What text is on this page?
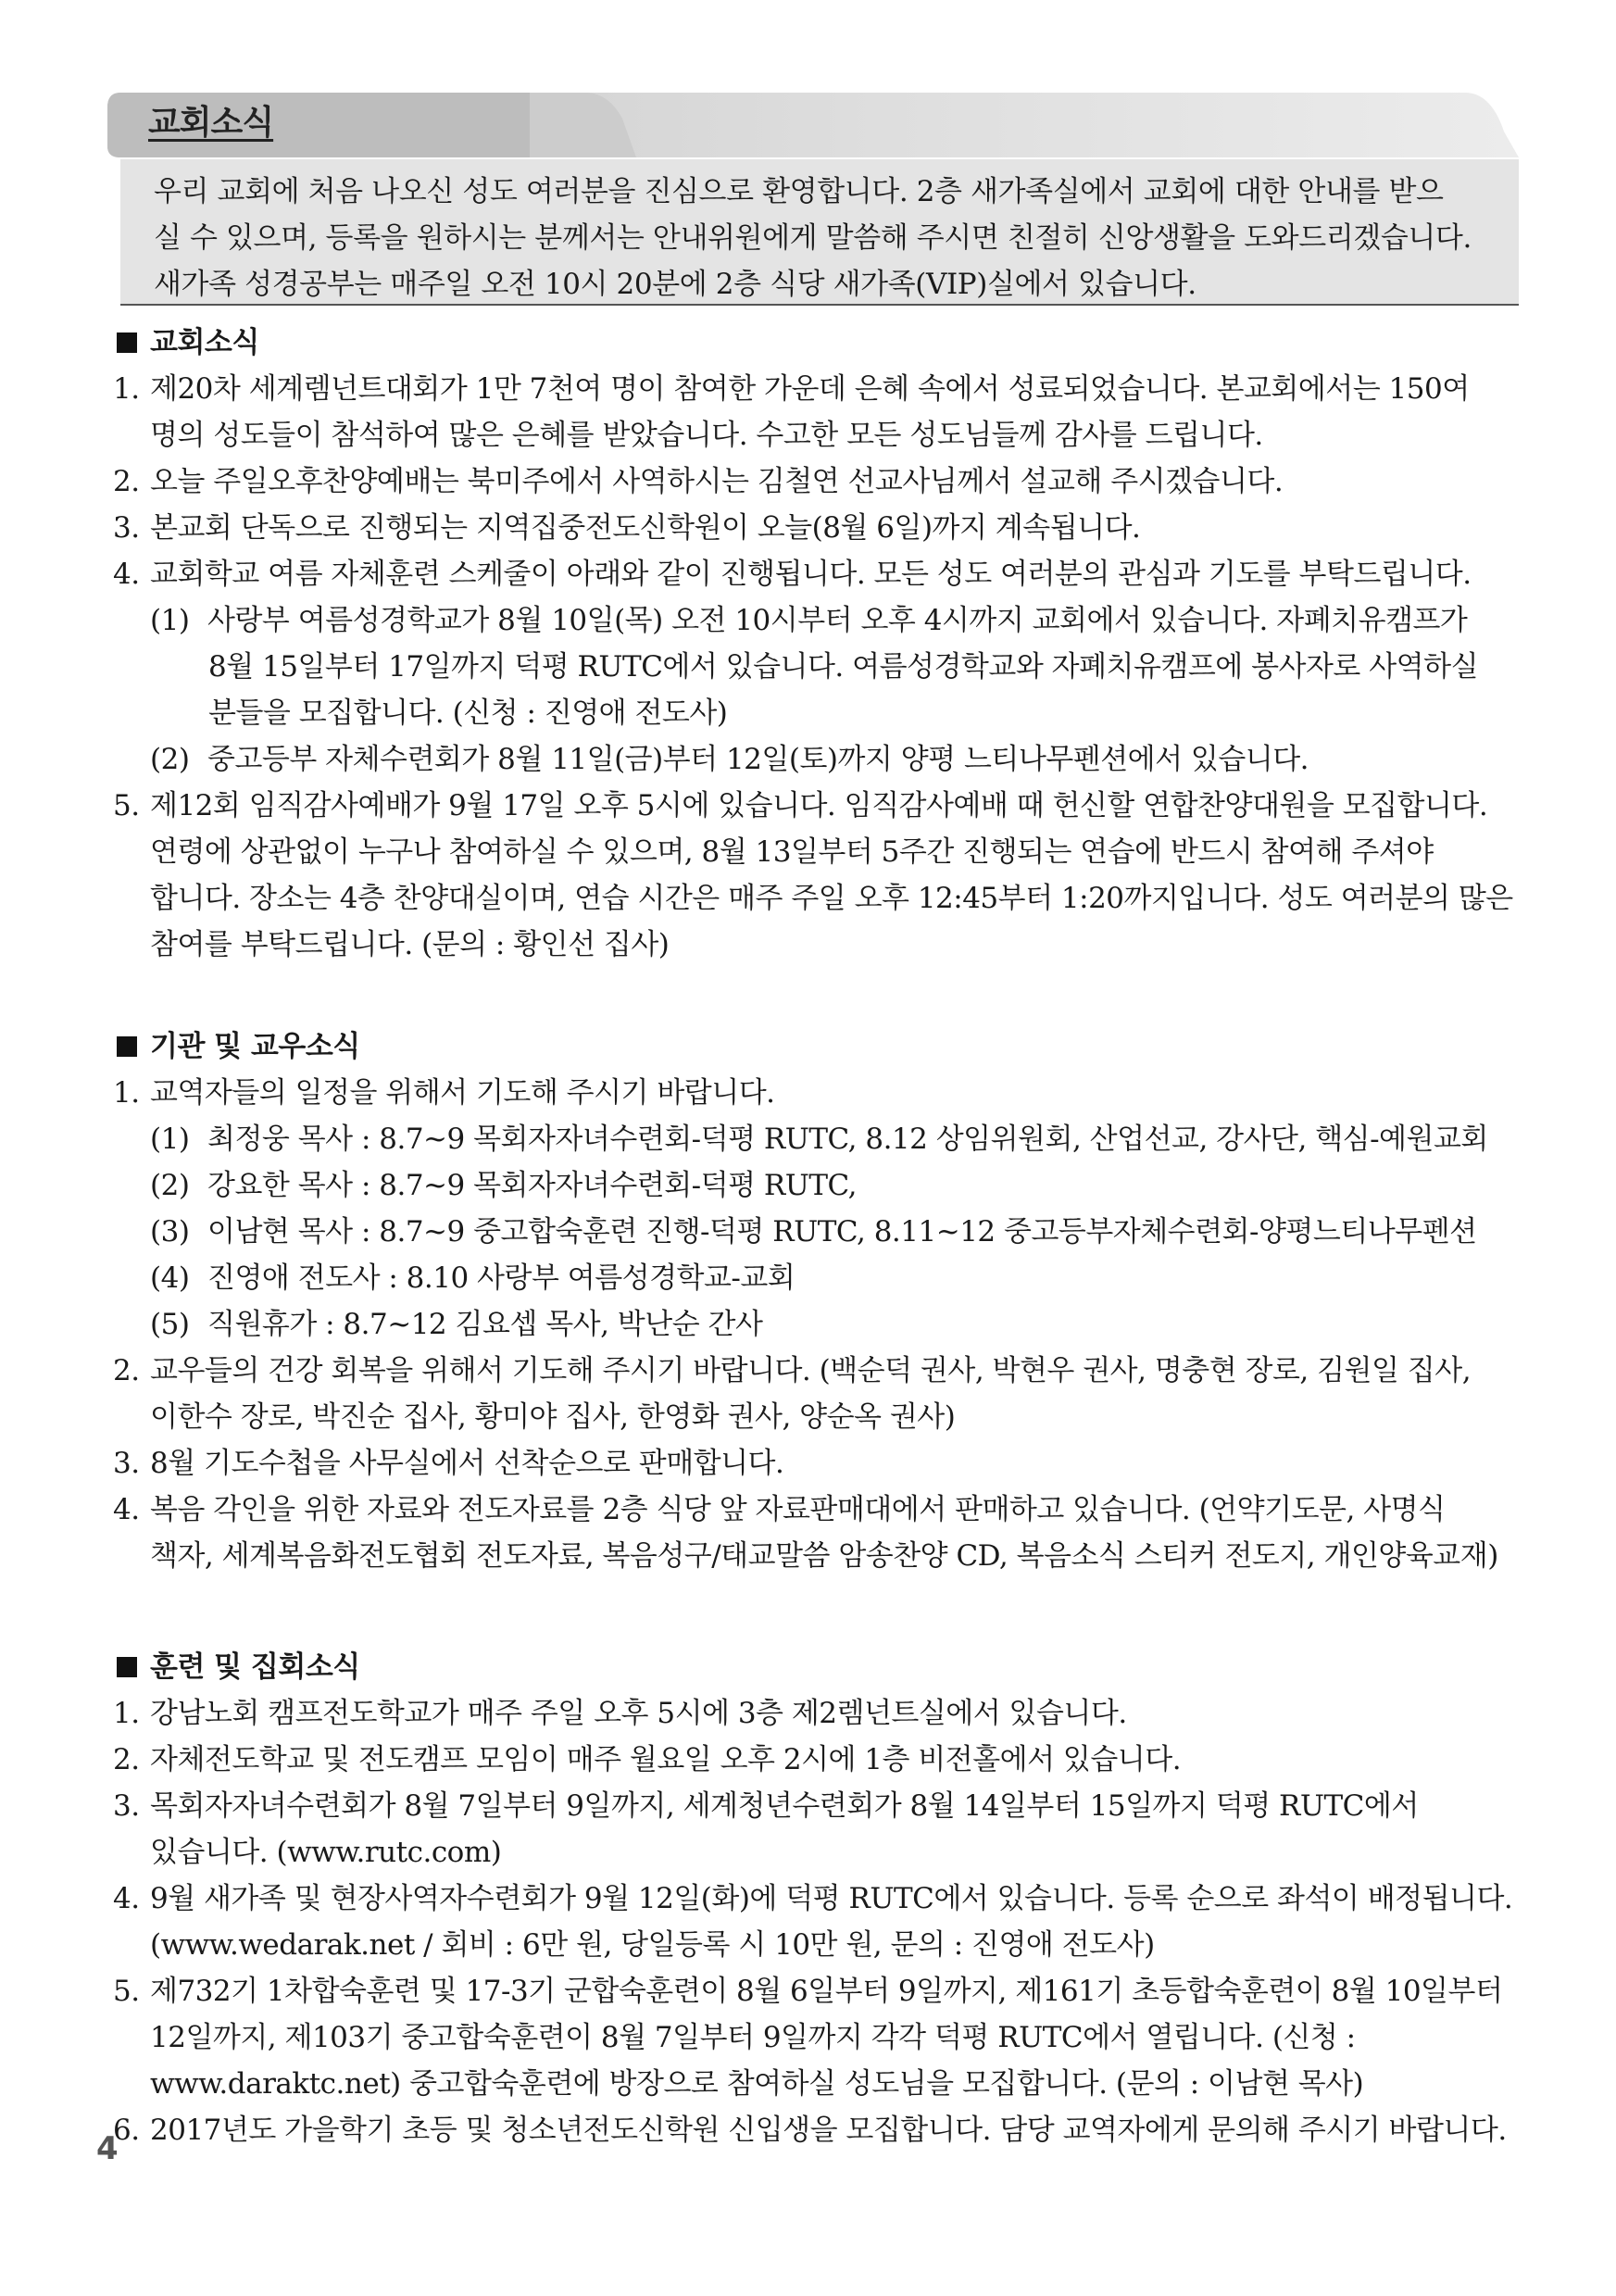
교회소식

우리 교회에 처음 나오신 성도 여러분을 진심으로 환영합니다. 2층 새가족실에서 교회에 대한 안내를 받으

실 수 있으며, 등록을 원하시는 분께서는 안내위원에게 말씀해 주시면 친절히 신앙생활을 도와드리겠습니다.

새가족 성경공부는 매주일 오전 10시 20분에 2층 식당 새가족(VIP)실에서 있습니다.

교회소식
1. 제20차 세계렘넌트대회가 1만 7천여 명이 참여한 가운데 은혜 속에서 성료되었습니다. 본교회에서는 150여
명의 성도들이 참석하여 많은 은혜를 받았습니다. 수고한 모든 성도님들께 감사를 드립니다.
2. 오늘 주일오후찬양예배는 북미주에서 사역하시는 김철연 선교사님께서 설교해 주시겠습니다.
3. 본교회 단독으로 진행되는 지역집중전도신학원이 오늘(8월 6일)까지 계속됩니다.
4. 교회학교 여름 자체훈련 스케줄이 아래와 같이 진행됩니다. 모든 성도 여러분의 관심과 기도를 부탁드립니다.
(1) 사랑부 여름성경학교가 8월 10일(목) 오전 10시부터 오후 4시까지 교회에서 있습니다. 자폐치유캠프가
8월 15일부터 17일까지 덕평 RUTC에서 있습니다. 여름성경학교와 자폐치유캠프에 봉사자로 사역하실
분들을 모집합니다. (신청 : 진영애 전도사)
(2) 중고등부 자체수련회가 8월 11일(금)부터 12일(토)까지 양평 느티나무펜션에서 있습니다.
5. 제12회 임직감사예배가 9월 17일 오후 5시에 있습니다. 임직감사예배 때 헌신할 연합찬양대원을 모집합니다.
연령에 상관없이 누구나 참여하실 수 있으며, 8월 13일부터 5주간 진행되는 연습에 반드시 참여해 주셔야
합니다. 장소는 4층 찬양대실이며, 연습 시간은 매주 주일 오후 12:45부터 1:20까지입니다. 성도 여러분의 많은
참여를 부탁드립니다. (문의 : 황인선 집사)
기관 및 교우소식
1. 교역자들의 일정을 위해서 기도해 주시기 바랍니다.
(1) 최정웅 목사 : 8.7~9 목회자자녀수련회-덕평 RUTC, 8.12 상임위원회, 산업선교, 강사단, 핵심-예원교회
(2) 강요한 목사 : 8.7~9 목회자자녀수련회-덕평 RUTC,
(3) 이남현 목사 : 8.7~9 중고합숙훈련 진행-덕평 RUTC, 8.11~12 중고등부자체수련회-양평느티나무펜션
(4) 진영애 전도사 : 8.10 사랑부 여름성경학교-교회
(5) 직원휴가 : 8.7~12 김요셉 목사, 박난순 간사
2. 교우들의 건강 회복을 위해서 기도해 주시기 바랍니다. (백순덕 권사, 박현우 권사, 명충현 장로, 김원일 집사,
이한수 장로, 박진순 집사, 황미야 집사, 한영화 권사, 양순옥 권사)
3. 8월 기도수첩을 사무실에서 선착순으로 판매합니다.
4. 복음 각인을 위한 자료와 전도자료를 2층 식당 앞 자료판매대에서 판매하고 있습니다. (언약기도문, 사명식
책자, 세계복음화전도협회 전도자료, 복음성구/태교말씀 암송찬양 CD, 복음소식 스티커 전도지, 개인양육교재)
훈련 및 집회소식
1. 강남노회 캠프전도학교가 매주 주일 오후 5시에 3층 제2렘넌트실에서 있습니다.
2. 자체전도학교 및 전도캠프 모임이 매주 월요일 오후 2시에 1층 비전홀에서 있습니다.
3. 목회자자녀수련회가 8월 7일부터 9일까지, 세계청년수련회가 8월 14일부터 15일까지 덕평 RUTC에서
있습니다. (www.rutc.com)
4. 9월 새가족 및 현장사역자수련회가 9월 12일(화)에 덕평 RUTC에서 있습니다. 등록 순으로 좌석이 배정됩니다.
(www.wedarak.net / 회비 : 6만 원, 당일등록 시 10만 원, 문의 : 진영애 전도사)
5. 제732기 1차합숙훈련 및 17-3기 군합숙훈련이 8월 6일부터 9일까지, 제161기 초등합숙훈련이 8월 10일부터
12일까지, 제103기 중고합숙훈련이 8월 7일부터 9일까지 각각 덕평 RUTC에서 열립니다. (신청 :
www.daraktc.net) 중고합숙훈련에 방장으로 참여하실 성도님을 모집합니다. (문의 : 이남현 목사)
6. 2017년도 가을학기 초등 및 청소년전도신학원 신입생을 모집합니다. 담당 교역자에게 문의해 주시기 바랍니다.
4
